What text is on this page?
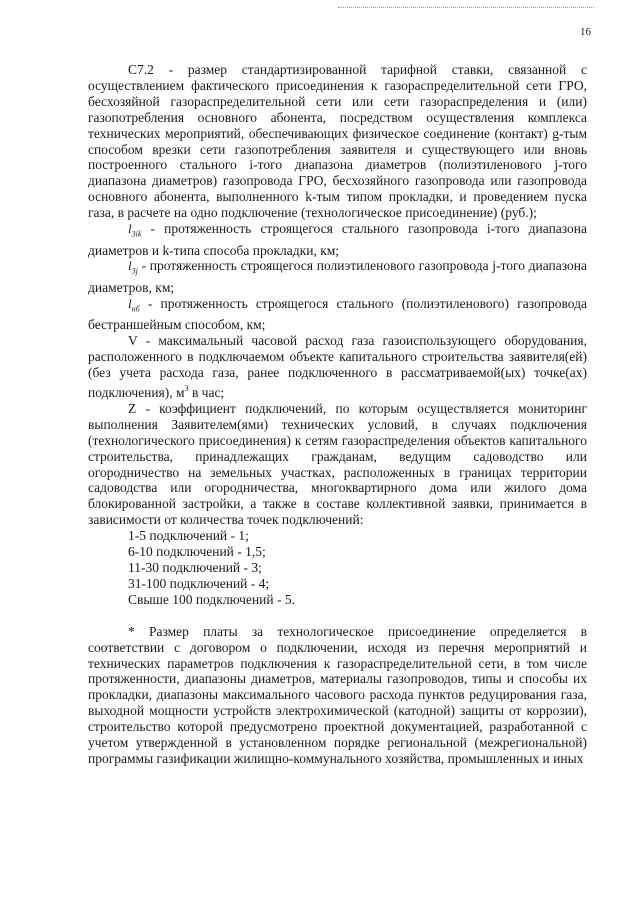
16

С7.2 - размер стандартизированной тарифной ставки, связанной с осуществлением фактического присоединения к газораспределительной сети ГРО, бесхозяйной газораспределительной сети или сети газораспределения и (или) газопотребления основного абонента, посредством осуществления комплекса технических мероприятий, обеспечивающих физическое соединение (контакт) g-тым способом врезки сети газопотребления заявителя и существующего или вновь построенного стального i-того диапазона диаметров (полиэтиленового j-того диапазона диаметров) газопровода ГРО, бесхозяйного газопровода или газопровода основного абонента, выполненного k-тым типом прокладки, и проведением пуска газа, в расчете на одно подключение (технологическое присоединение) (руб.);

$l_{3ik}$ - протяженность строящегося стального газопровода i-того диапазона диаметров и k-типа способа прокладки, км;

$l_{3j}$ - протяженность строящегося полиэтиленового газопровода j-того диапазона диаметров, км;

$l_{нб}$ - протяженность строящегося стального (полиэтиленового) газопровода бестраншейным способом, км;

V - максимальный часовой расход газа газоиспользующего оборудования, расположенного в подключаемом объекте капитального строительства заявителя(ей) (без учета расхода газа, ранее подключенного в рассматриваемой(ых) точке(ах) подключения), $м^3$ в час;

Z - коэффициент подключений, по которым осуществляется мониторинг выполнения Заявителем(ями) технических условий, в случаях подключения (технологического присоединения) к сетям газораспределения объектов капитального строительства, принадлежащих гражданам, ведущим садоводство или огородничество на земельных участках, расположенных в границах территории садоводства или огородничества, многоквартирного дома или жилого дома блокированной застройки, а также в составе коллективной заявки, принимается в зависимости от количества точек подключений:

1-5 подключений - 1;
6-10 подключений - 1,5;
11-30 подключений - 3;
31-100 подключений - 4;
Свыше 100 подключений - 5.

* Размер платы за технологическое присоединение определяется в соответствии с договором о подключении, исходя из перечня мероприятий и технических параметров подключения к газораспределительной сети, в том числе протяженности, диапазоны диаметров, материалы газопроводов, типы и способы их прокладки, диапазоны максимального часового расхода пунктов редуцирования газа, выходной мощности устройств электрохимической (катодной) защиты от коррозии), строительство которой предусмотрено проектной документацией, разработанной с учетом утвержденной в установленном порядке региональной (межрегиональной) программы газификации жилищно-коммунального хозяйства, промышленных и иных
